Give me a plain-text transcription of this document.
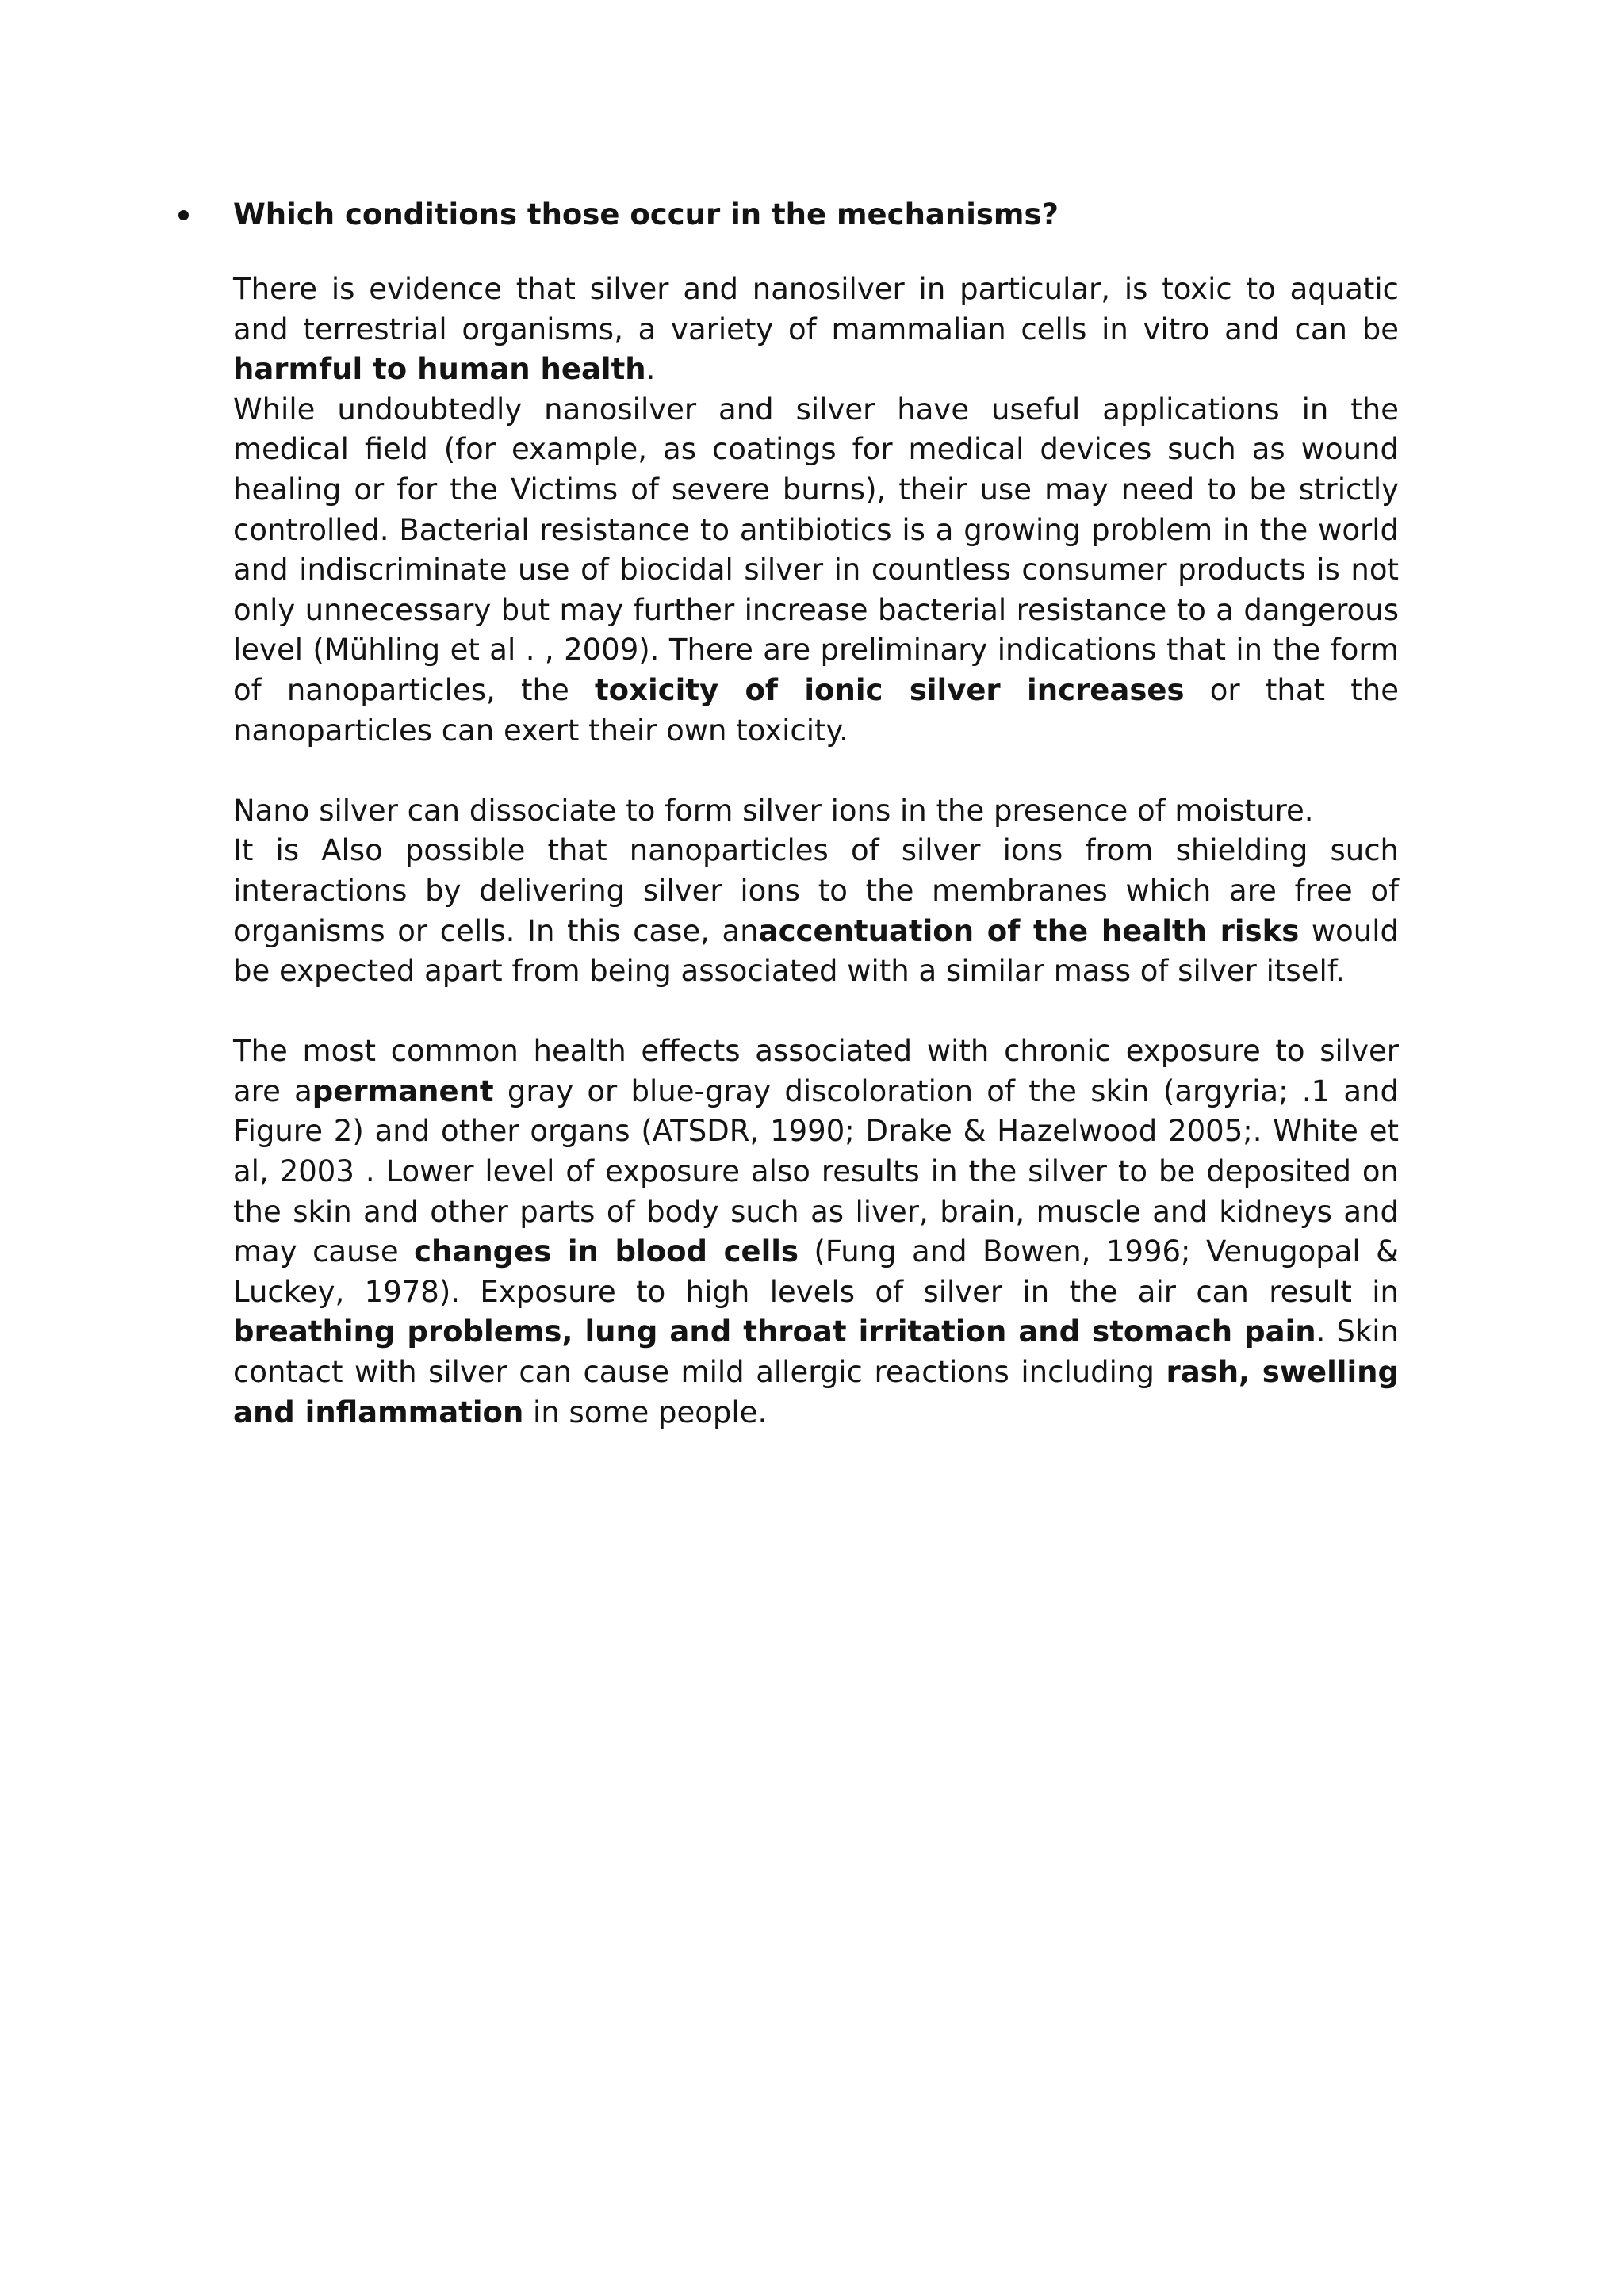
Which conditions those occur in the mechanisms?

There is evidence that silver and nanosilver in particular, is toxic to aquatic and terrestrial organisms, a variety of mammalian cells in vitro and can be harmful to human health.

While undoubtedly nanosilver and silver have useful applications in the medical field (for example, as coatings for medical devices such as wound healing or for the Victims of severe burns), their use may need to be strictly controlled. Bacterial resistance to antibiotics is a growing problem in the world and indiscriminate use of biocidal silver in countless consumer products is not only unnecessary but may further increase bacterial resistance to a dangerous level (Mühling et al . , 2009). There are preliminary indications that in the form of nanoparticles, the toxicity of ionic silver increases or that the nanoparticles can exert their own toxicity.

Nano silver can dissociate to form silver ions in the presence of moisture.

It is Also possible that nanoparticles of silver ions from shielding such interactions by delivering silver ions to the membranes which are free of organisms or cells. In this case, anaccentuation of the health risks would be expected apart from being associated with a similar mass of silver itself.

The most common health effects associated with chronic exposure to silver are apermanent gray or blue-gray discoloration of the skin (argyria; .1 and Figure 2) and other organs (ATSDR, 1990; Drake & Hazelwood 2005;. White et al, 2003 . Lower level of exposure also results in the silver to be deposited on the skin and other parts of body such as liver, brain, muscle and kidneys and may cause changes in blood cells (Fung and Bowen, 1996; Venugopal & Luckey, 1978). Exposure to high levels of silver in the air can result in breathing problems, lung and throat irritation and stomach pain. Skin contact with silver can cause mild allergic reactions including rash, swelling and inflammation in some people.
